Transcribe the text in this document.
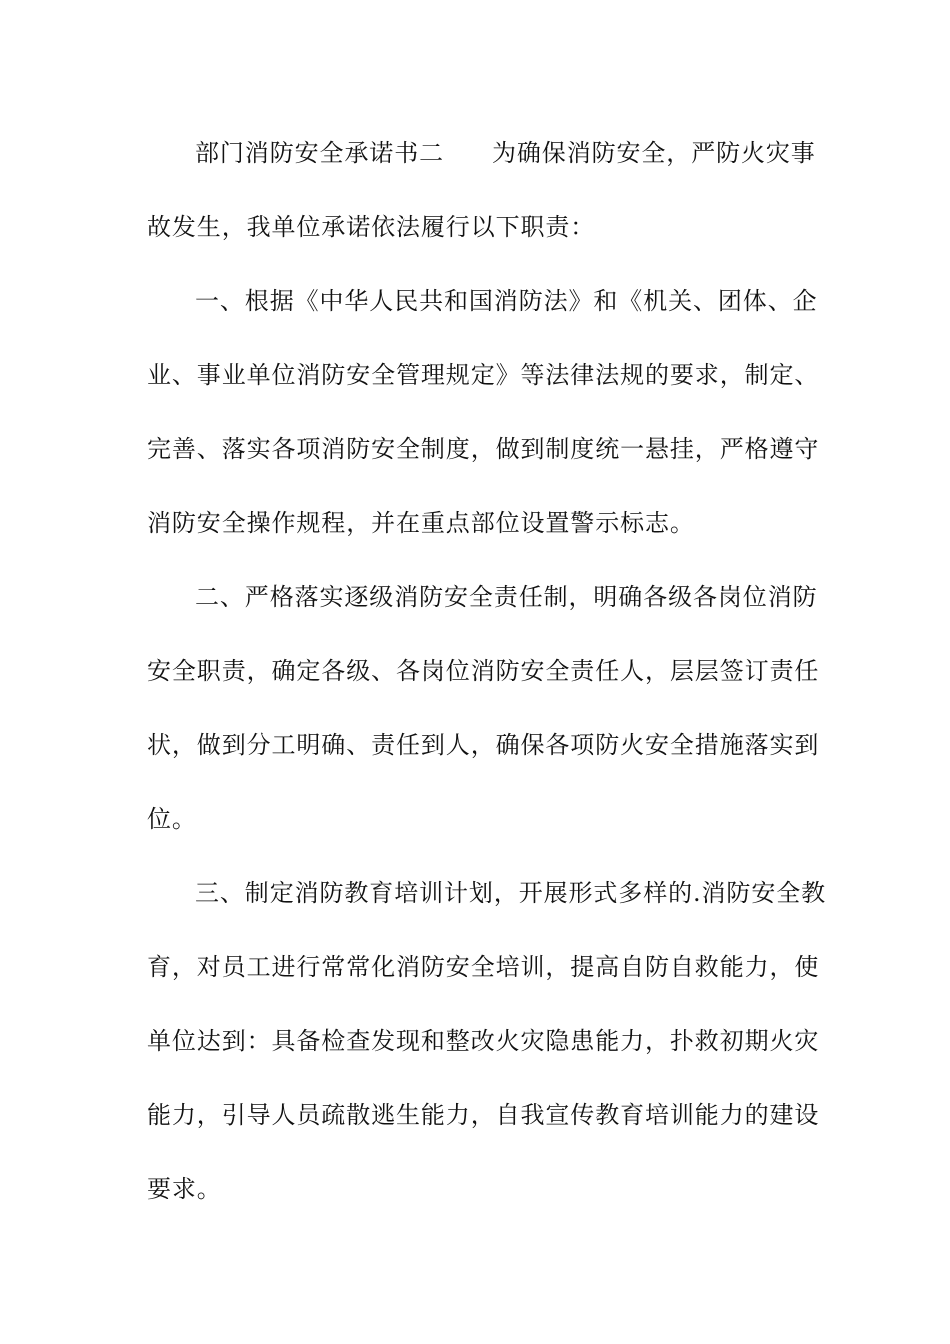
部门消防安全承诺书二 为确保消防安全，严防火灾事
故发生，我单位承诺依法履行以下职责：
一、根据《中华人民共和国消防法》和《机关、团体、企
业、事业单位消防安全管理规定》等法律法规的要求，制定、
完善、落实各项消防安全制度，做到制度统一悬挂，严格遵守
消防安全操作规程，并在重点部位设置警示标志。
二、严格落实逐级消防安全责任制，明确各级各岗位消防
安全职责，确定各级、各岗位消防安全责任人，层层签订责任
状，做到分工明确、责任到人，确保各项防火安全措施落实到
位。
三、制定消防教育培训计划，开展形式多样的.消防安全教
育，对员工进行常常化消防安全培训，提高自防自救能力，使
单位达到：具备检查发现和整改火灾隐患能力，扑救初期火灾
能力，引导人员疏散逃生能力，自我宣传教育培训能力的建设
要求。
